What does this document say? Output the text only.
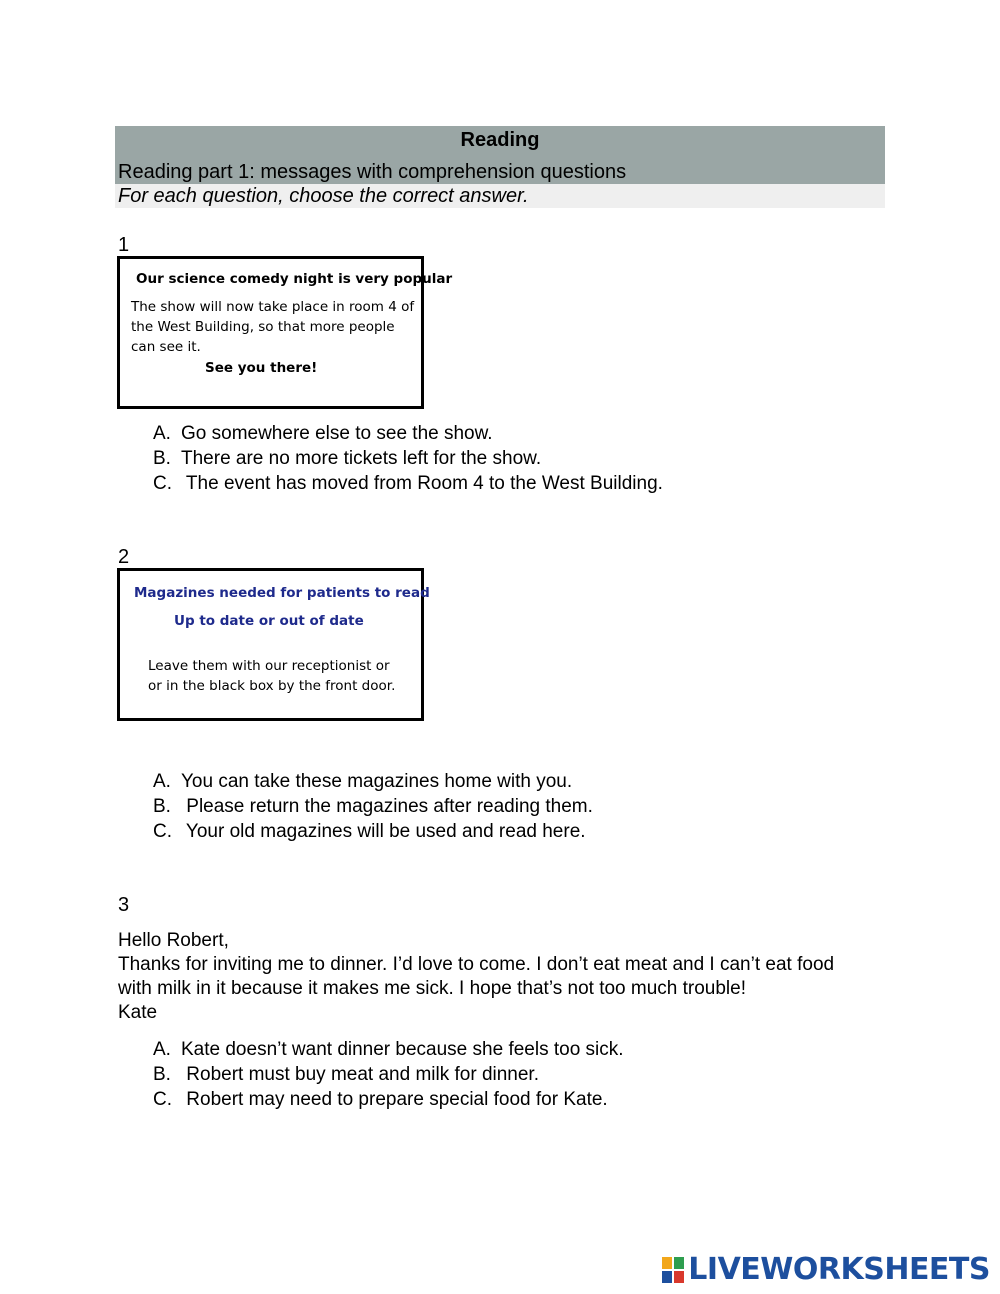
Reading
Reading part 1: messages with comprehension questions
For each question, choose the correct answer.
1
Our science comedy night is very popular
The show will now take place in room 4 of the West Building, so that more people can see it.
See you there!
A. Go somewhere else to see the show.
B. There are no more tickets left for the show.
C. The event has moved from Room 4 to the West Building.
2
Magazines needed for patients to read
Up to date or out of date
Leave them with our receptionist or
or in the black box by the front door.
A. You can take these magazines home with you.
B. Please return the magazines after reading them.
C. Your old magazines will be used and read here.
3
Hello Robert,
Thanks for inviting me to dinner. I’d love to come. I don’t eat meat and I can’t eat food with milk in it because it makes me sick. I hope that’s not too much trouble!
Kate
A. Kate doesn’t want dinner because she feels too sick.
B. Robert must buy meat and milk for dinner.
C. Robert may need to prepare special food for Kate.
LIVEWORKSHEETS
